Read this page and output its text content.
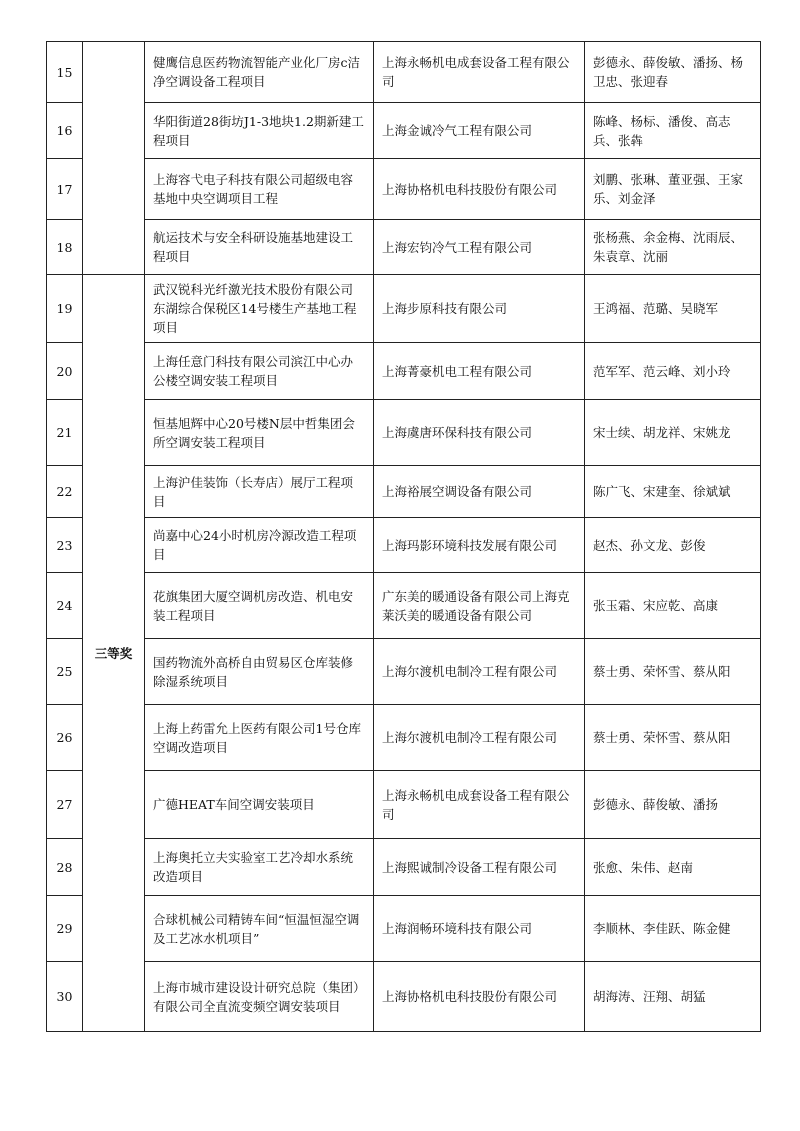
15		健鹰信息医药物流智能产业化厂房c洁净空调设备工程项目	上海永畅机电成套设备工程有限公司	彭德永、薛俊敏、潘扬、杨卫忠、张迎春

16		华阳街道28街坊J1-3地块1.2期新建工程项目	上海金诚冷气工程有限公司	陈峰、杨标、潘俊、高志兵、张犇

17		上海容弋电子科技有限公司超级电容基地中央空调项目工程	上海协格机电科技股份有限公司	刘鹏、张琳、董亚强、王家乐、刘金泽

18		航运技术与安全科研设施基地建设工程项目	上海宏钧冷气工程有限公司	张杨燕、余金梅、沈雨辰、朱袁章、沈丽

19	三等奖	武汉锐科光纤激光技术股份有限公司东湖综合保税区14号楼生产基地工程项目	上海步原科技有限公司	王鸿福、范璐、吴晓军

20		上海任意门科技有限公司滨江中心办公楼空调安装工程项目	上海菁豪机电工程有限公司	范军军、范云峰、刘小玲

21		恒基旭辉中心20号楼N层中哲集团会所空调安装工程项目	上海虞唐环保科技有限公司	宋士续、胡龙祥、宋姚龙

22		上海沪佳装饰（长寿店）展厅工程项目	上海裕展空调设备有限公司	陈广飞、宋建奎、徐斌斌

23		尚嘉中心24小时机房冷源改造工程项目	上海玛影环境科技发展有限公司	赵杰、孙文龙、彭俊

24		花旗集团大厦空调机房改造、机电安装工程项目	广东美的暖通设备有限公司上海克莱沃美的暖通设备有限公司	张玉霜、宋应乾、高康

25		国药物流外高桥自由贸易区仓库装修除湿系统项目	上海尔渡机电制冷工程有限公司	蔡士勇、荣怀雪、蔡从阳

26		上海上药雷允上医药有限公司1号仓库空调改造项目	上海尔渡机电制冷工程有限公司	蔡士勇、荣怀雪、蔡从阳

27		广德HEAT车间空调安装项目	上海永畅机电成套设备工程有限公司	彭德永、薛俊敏、潘扬

28		上海奥托立夫实验室工艺冷却水系统改造项目	上海熙诚制冷设备工程有限公司	张愈、朱伟、赵南

29		合球机械公司精铸车间“恒温恒湿空调及工艺冰水机项目”	上海润畅环境科技有限公司	李顺林、李佳跃、陈金健

30		上海市城市建设设计研究总院（集团）有限公司全直流变频空调安装项目	上海协格机电科技股份有限公司	胡海涛、汪翔、胡猛
